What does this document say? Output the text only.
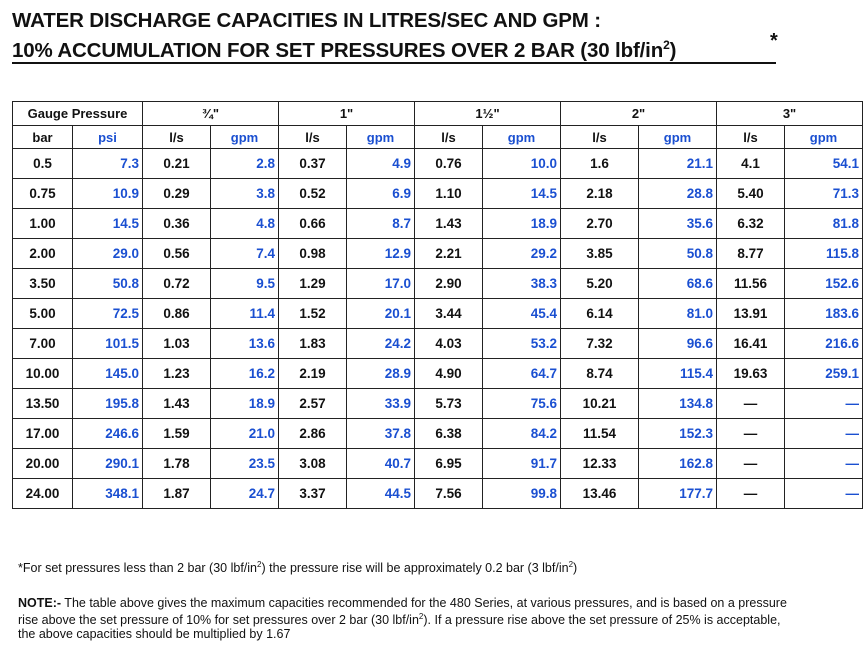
WATER DISCHARGE CAPACITIES IN LITRES/SEC AND GPM :
10% ACCUMULATION FOR SET PRESSURES OVER 2 BAR (30 lbf/$in^2$)	*
Gauge Pressure		¾"		1"		1½"		2"		3"	
bar	psi	l/s	gpm	l/s	gpm	l/s	gpm	l/s	gpm	l/s	gpm
0.5	7.3	0.21	2.8	0.37	4.9	0.76	10.0	1.6	21.1	4.1	54.1
0.75	10.9	0.29	3.8	0.52	6.9	1.10	14.5	2.18	28.8	5.40	71.3
1.00	14.5	0.36	4.8	0.66	8.7	1.43	18.9	2.70	35.6	6.32	81.8
2.00	29.0	0.56	7.4	0.98	12.9	2.21	29.2	3.85	50.8	8.77	115.8
3.50	50.8	0.72	9.5	1.29	17.0	2.90	38.3	5.20	68.6	11.56	152.6
5.00	72.5	0.86	11.4	1.52	20.1	3.44	45.4	6.14	81.0	13.91	183.6
7.00	101.5	1.03	13.6	1.83	24.2	4.03	53.2	7.32	96.6	16.41	216.6
10.00	145.0	1.23	16.2	2.19	28.9	4.90	64.7	8.74	115.4	19.63	259.1
13.50	195.8	1.43	18.9	2.57	33.9	5.73	75.6	10.21	134.8	—	—
17.00	246.6	1.59	21.0	2.86	37.8	6.38	84.2	11.54	152.3	—	—
20.00	290.1	1.78	23.5	3.08	40.7	6.95	91.7	12.33	162.8	—	—
24.00	348.1	1.87	24.7	3.37	44.5	7.56	99.8	13.46	177.7	—	—
*For set pressures less than 2 bar (30 lbf/$in^2$) the pressure rise will be approximately 0.2 bar (3 lbf/$in^2$)
NOTE:- The table above gives the maximum capacities recommended for the 480 Series, at various pressures, and is based on a pressure rise above the set pressure of 10% for set pressures over 2 bar (30 lbf/$in^2$). If a pressure rise above the set pressure of 25% is acceptable, the above capacities should be multiplied by 1.67
